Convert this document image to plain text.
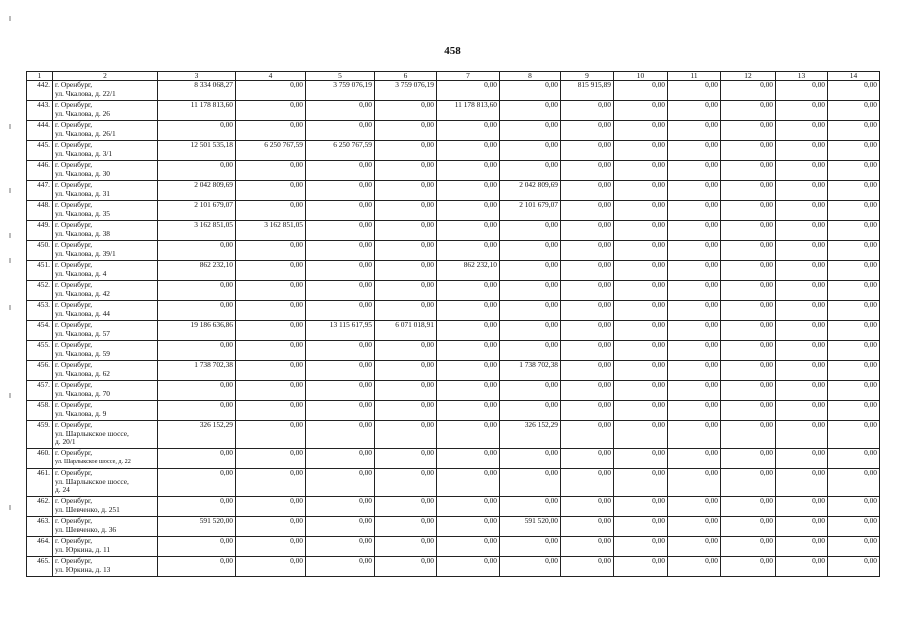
458
1	2	3	4	5	6	7	8	9	10	11	12	13	14
442.	г. Оренбург,
ул. Чкалова, д. 22/1	8 334 068,27	0,00	3 759 076,19	3 759 076,19	0,00	0,00	815 915,89	0,00	0,00	0,00	0,00	0,00
443.	г. Оренбург,
ул. Чкалова, д. 26	11 178 813,60	0,00	0,00	0,00	11 178 813,60	0,00	0,00	0,00	0,00	0,00	0,00	0,00
444.	г. Оренбург,
ул. Чкалова, д. 26/1	0,00	0,00	0,00	0,00	0,00	0,00	0,00	0,00	0,00	0,00	0,00	0,00
445.	г. Оренбург,
ул. Чкалова, д. 3/1	12 501 535,18	6 250 767,59	6 250 767,59	0,00	0,00	0,00	0,00	0,00	0,00	0,00	0,00	0,00
446.	г. Оренбург,
ул. Чкалова, д. 30	0,00	0,00	0,00	0,00	0,00	0,00	0,00	0,00	0,00	0,00	0,00	0,00
447.	г. Оренбург,
ул. Чкалова, д. 31	2 042 809,69	0,00	0,00	0,00	0,00	2 042 809,69	0,00	0,00	0,00	0,00	0,00	0,00
448.	г. Оренбург,
ул. Чкалова, д. 35	2 101 679,07	0,00	0,00	0,00	0,00	2 101 679,07	0,00	0,00	0,00	0,00	0,00	0,00
449.	г. Оренбург,
ул. Чкалова, д. 38	3 162 851,05	3 162 851,05	0,00	0,00	0,00	0,00	0,00	0,00	0,00	0,00	0,00	0,00
450.	г. Оренбург,
ул. Чкалова, д. 39/1	0,00	0,00	0,00	0,00	0,00	0,00	0,00	0,00	0,00	0,00	0,00	0,00
451.	г. Оренбург,
ул. Чкалова, д. 4	862 232,10	0,00	0,00	0,00	862 232,10	0,00	0,00	0,00	0,00	0,00	0,00	0,00
452.	г. Оренбург,
ул. Чкалова, д. 42	0,00	0,00	0,00	0,00	0,00	0,00	0,00	0,00	0,00	0,00	0,00	0,00
453.	г. Оренбург,
ул. Чкалова, д. 44	0,00	0,00	0,00	0,00	0,00	0,00	0,00	0,00	0,00	0,00	0,00	0,00
454.	г. Оренбург,
ул. Чкалова, д. 57	19 186 636,86	0,00	13 115 617,95	6 071 018,91	0,00	0,00	0,00	0,00	0,00	0,00	0,00	0,00
455.	г. Оренбург,
ул. Чкалова, д. 59	0,00	0,00	0,00	0,00	0,00	0,00	0,00	0,00	0,00	0,00	0,00	0,00
456.	г. Оренбург,
ул. Чкалова, д. 62	1 738 702,38	0,00	0,00	0,00	0,00	1 738 702,38	0,00	0,00	0,00	0,00	0,00	0,00
457.	г. Оренбург,
ул. Чкалова, д. 70	0,00	0,00	0,00	0,00	0,00	0,00	0,00	0,00	0,00	0,00	0,00	0,00
458.	г. Оренбург,
ул. Чкалова, д. 9	0,00	0,00	0,00	0,00	0,00	0,00	0,00	0,00	0,00	0,00	0,00	0,00
459.	г. Оренбург,
ул. Шарлыкское шоссе,
д. 20/1	326 152,29	0,00	0,00	0,00	0,00	326 152,29	0,00	0,00	0,00	0,00	0,00	0,00
460.	г. Оренбург,
ул. Шарлыкское шоссе, д. 22	0,00	0,00	0,00	0,00	0,00	0,00	0,00	0,00	0,00	0,00	0,00	0,00
461.	г. Оренбург,
ул. Шарлыкское шоссе,
д. 24	0,00	0,00	0,00	0,00	0,00	0,00	0,00	0,00	0,00	0,00	0,00	0,00
462.	г. Оренбург,
ул. Шевченко, д. 251	0,00	0,00	0,00	0,00	0,00	0,00	0,00	0,00	0,00	0,00	0,00	0,00
463.	г. Оренбург,
ул. Шевченко, д. 36	591 520,00	0,00	0,00	0,00	0,00	591 520,00	0,00	0,00	0,00	0,00	0,00	0,00
464.	г. Оренбург,
ул. Юркина, д. 11	0,00	0,00	0,00	0,00	0,00	0,00	0,00	0,00	0,00	0,00	0,00	0,00
465.	г. Оренбург,
ул. Юркина, д. 13	0,00	0,00	0,00	0,00	0,00	0,00	0,00	0,00	0,00	0,00	0,00	0,00
